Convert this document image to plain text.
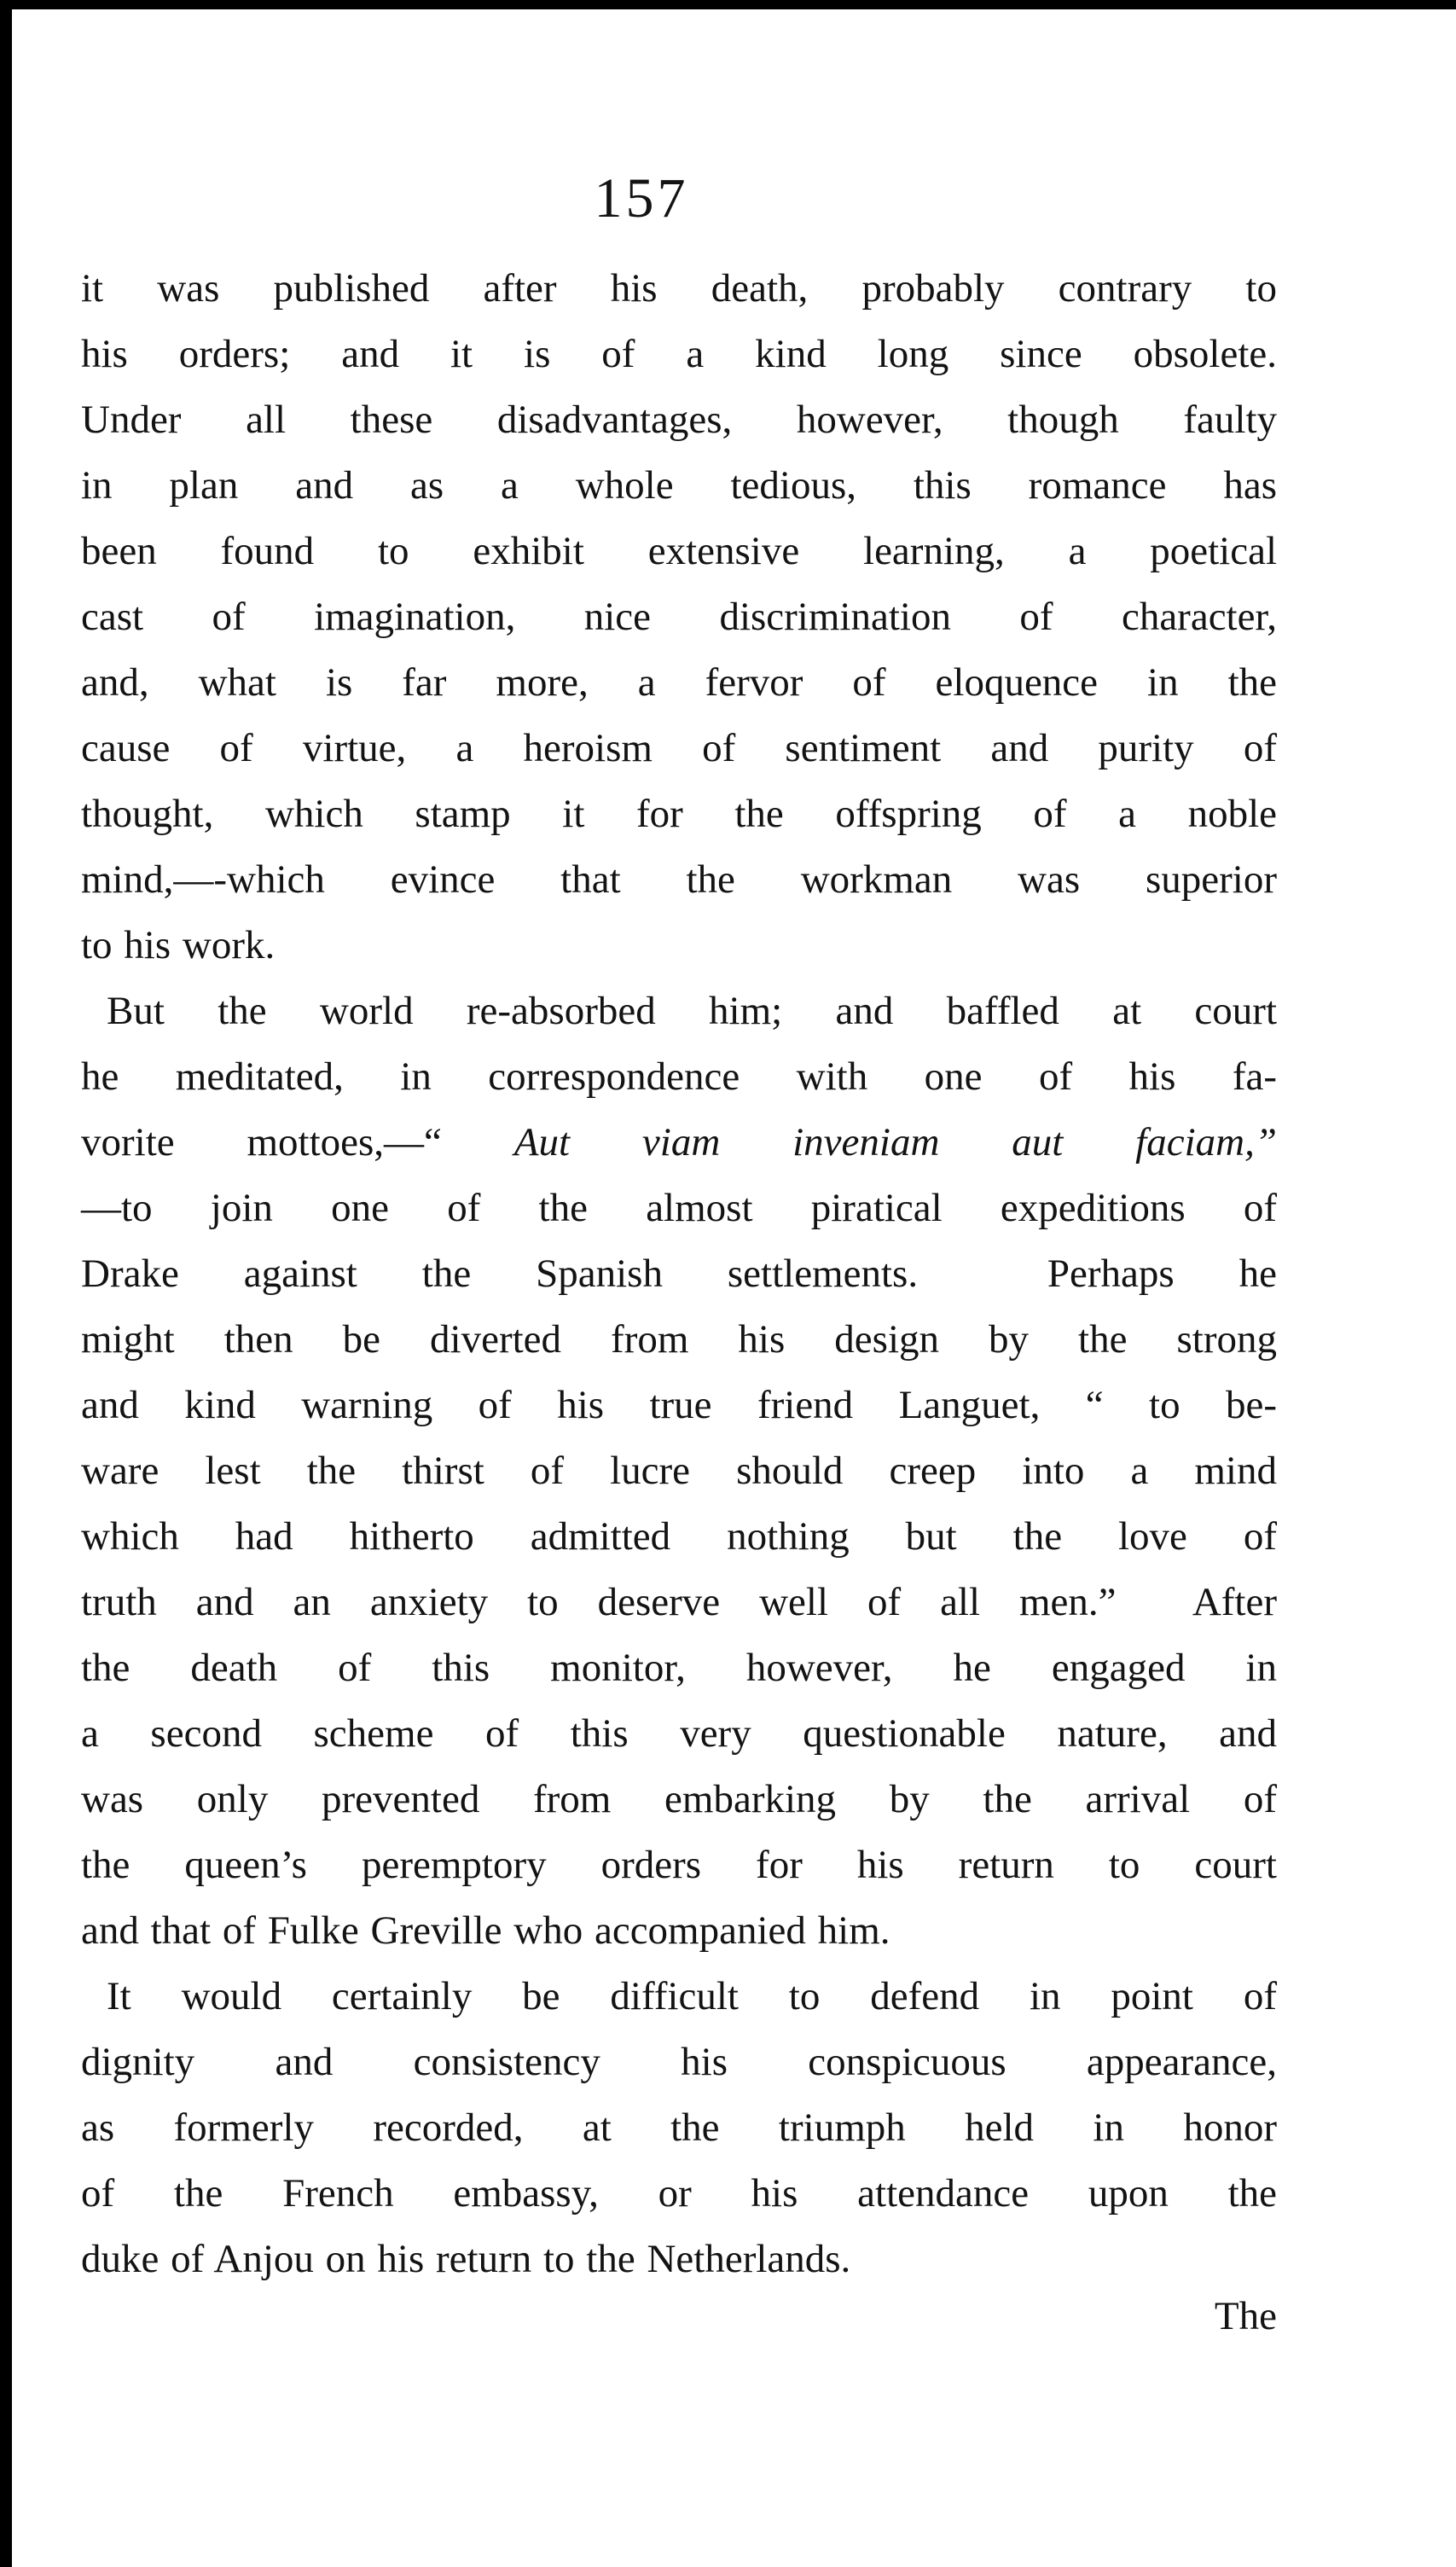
157
it was published after his death, probably contrary to
his orders; and it is of a kind long since obsolete.
Under all these disadvantages, however, though faulty
in plan and as a whole tedious, this romance has
been found to exhibit extensive learning, a poetical
cast of imagination, nice discrimination of character,
and, what is far more, a fervor of eloquence in the
cause of virtue, a heroism of sentiment and purity of
thought, which stamp it for the offspring of a noble
mind,—-which evince that the workman was superior
to his work.
But the world re-absorbed him; and baffled at court
he meditated, in correspondence with one of his fa-
vorite mottoes,—“ Aut viam inveniam aut faciam,”
—to join one of the almost piratical expeditions of
Drake against the Spanish settlements.  Perhaps he
might then be diverted from his design by the strong
and kind warning of his true friend Languet, “ to be-
ware lest the thirst of lucre should creep into a mind
which had hitherto admitted nothing but the love of
truth and an anxiety to deserve well of all men.”  After
the death of this monitor, however, he engaged in
a second scheme of this very questionable nature, and
was only prevented from embarking by the arrival of
the queen’s peremptory orders for his return to court
and that of Fulke Greville who accompanied him.
It would certainly be difficult to defend in point of
dignity and consistency his conspicuous appearance,
as formerly recorded, at the triumph held in honor
of the French embassy, or his attendance upon the
duke of Anjou on his return to the Netherlands.
The
